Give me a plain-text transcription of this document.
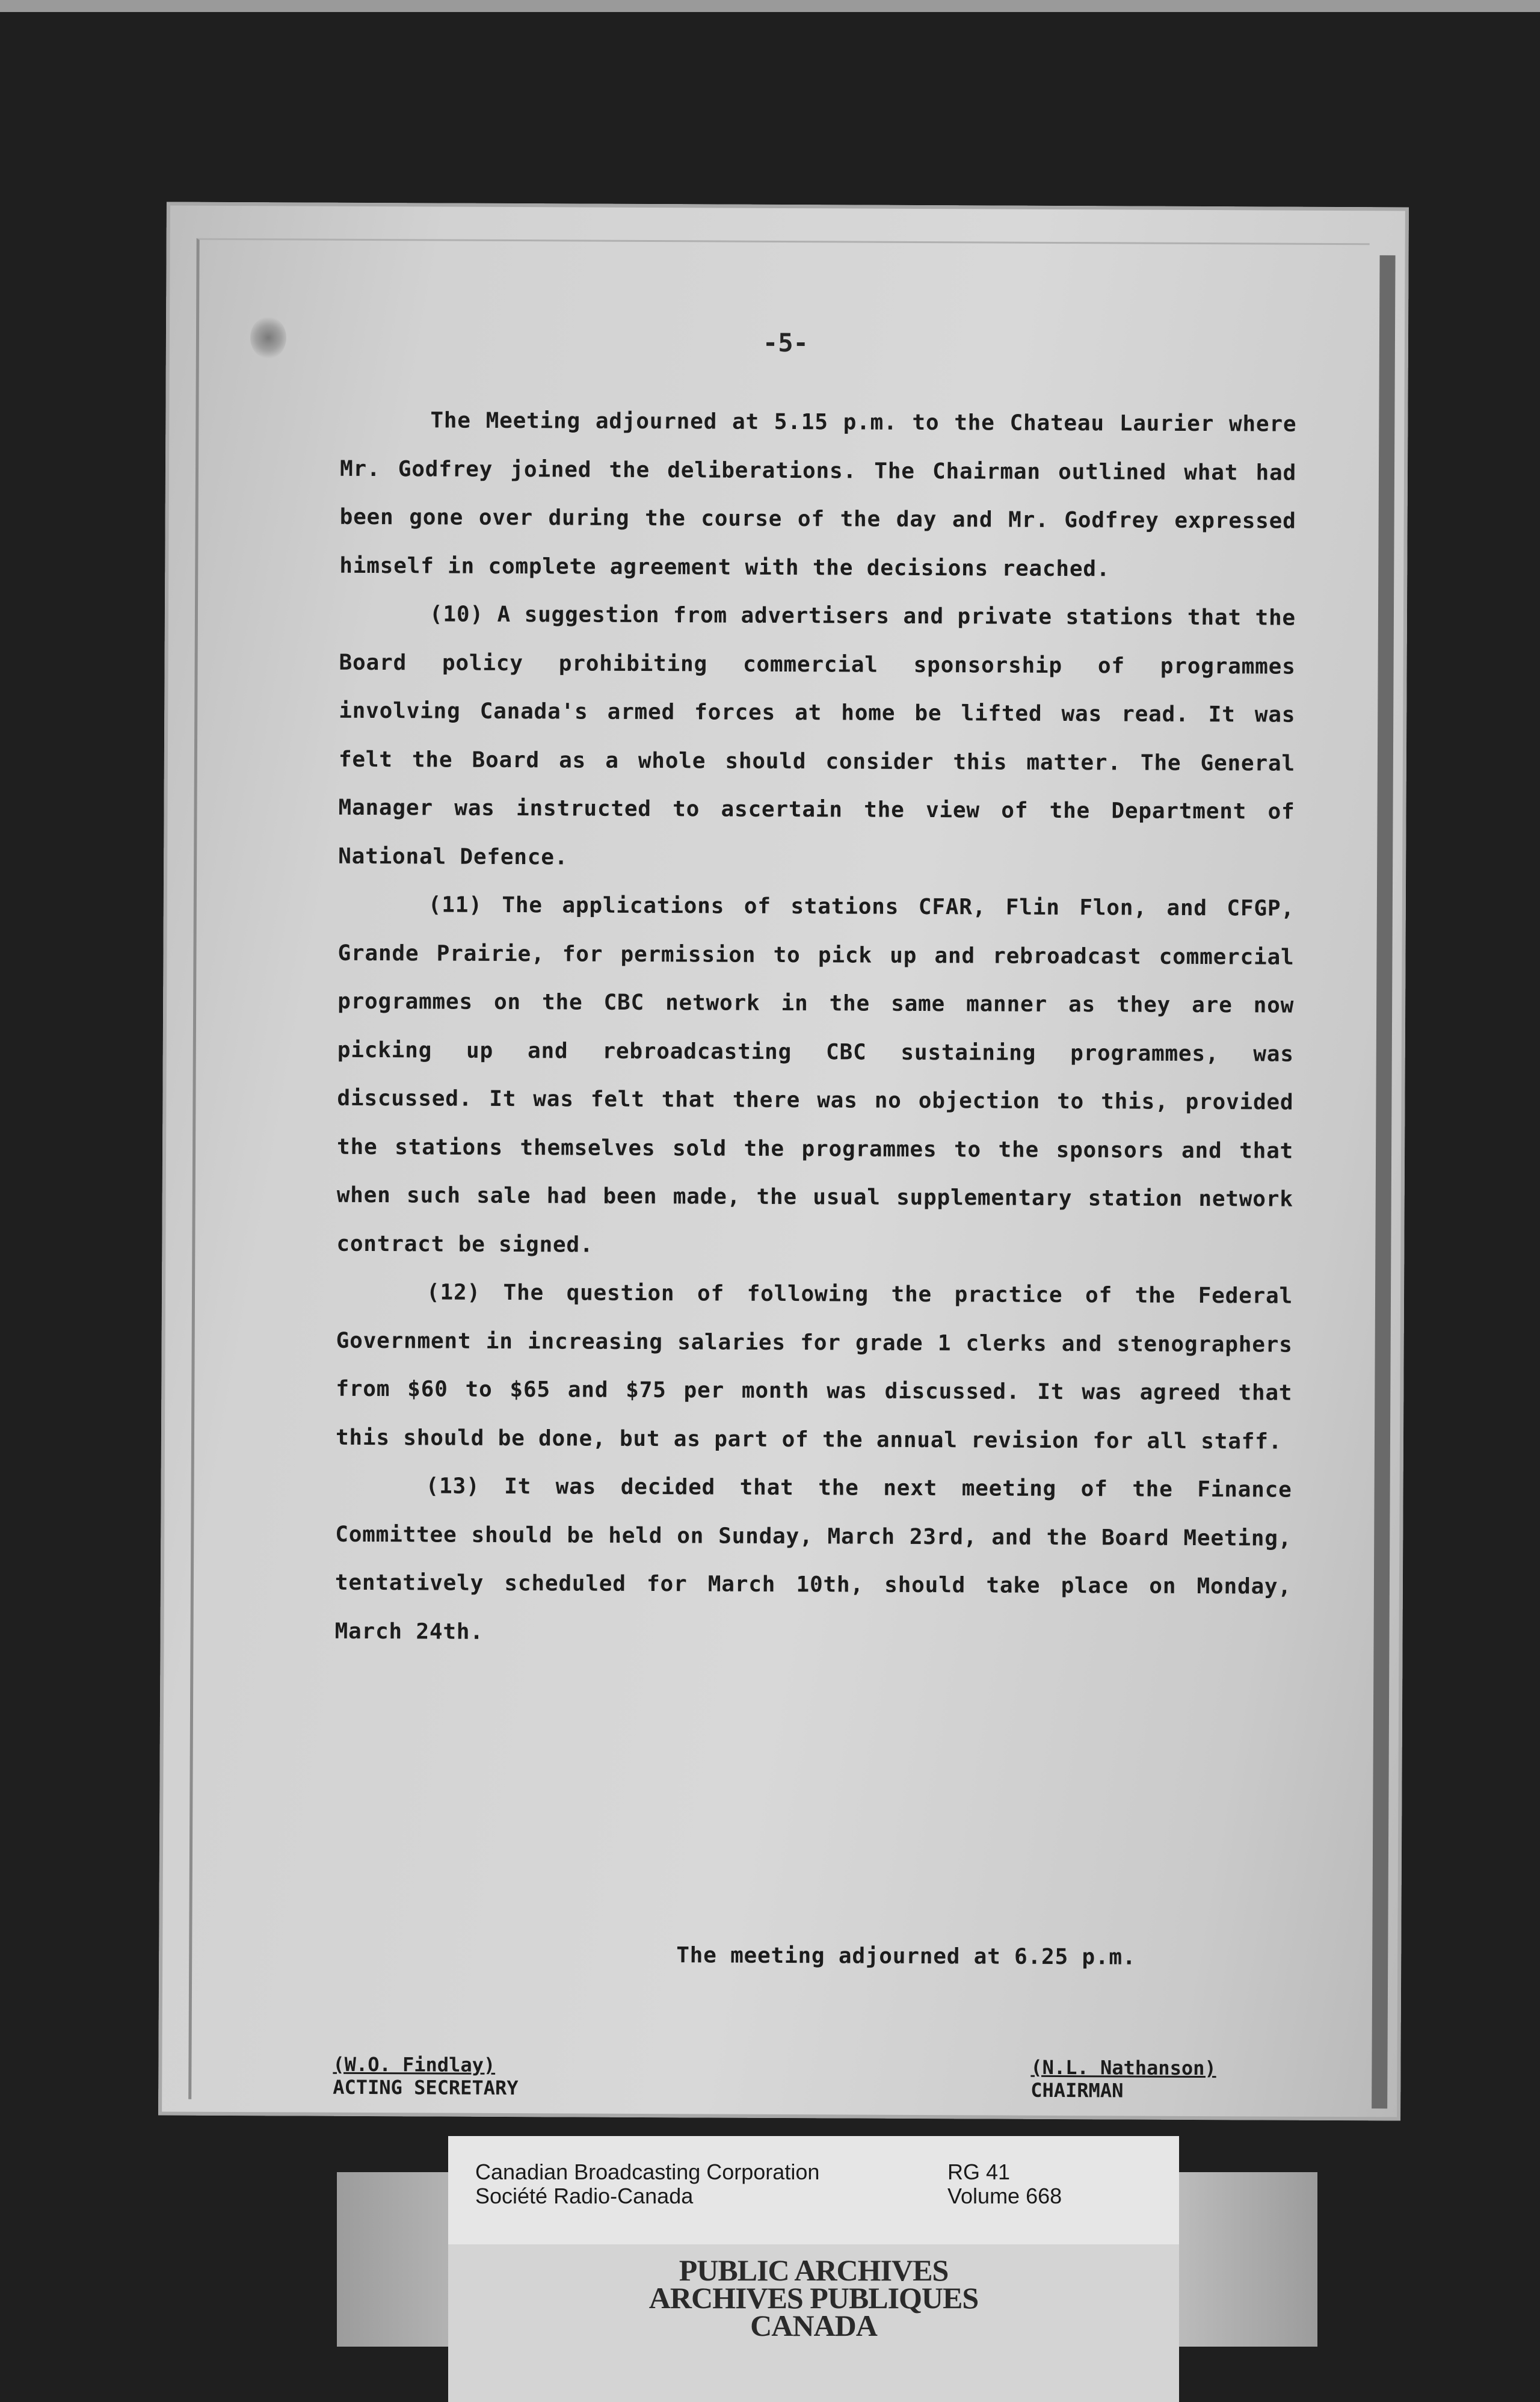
-5-

The Meeting adjourned at 5.15 p.m. to the Chateau Laurier where Mr. Godfrey joined the deliberations. The Chairman outlined what had been gone over during the course of the day and Mr. Godfrey expressed himself in complete agreement with the decisions reached.

(10) A suggestion from advertisers and private stations that the Board policy prohibiting commercial sponsorship of programmes involving Canada's armed forces at home be lifted was read. It was felt the Board as a whole should consider this matter. The General Manager was instructed to ascertain the view of the Department of National Defence.

(11) The applications of stations CFAR, Flin Flon, and CFGP, Grande Prairie, for permission to pick up and rebroadcast commercial programmes on the CBC network in the same manner as they are now picking up and rebroadcasting CBC sustaining programmes, was discussed. It was felt that there was no objection to this, provided the stations themselves sold the programmes to the sponsors and that when such sale had been made, the usual supplementary station network contract be signed.

(12) The question of following the practice of the Federal Government in increasing salaries for grade 1 clerks and stenographers from $60 to $65 and $75 per month was discussed. It was agreed that this should be done, but as part of the annual revision for all staff.

(13) It was decided that the next meeting of the Finance Committee should be held on Sunday, March 23rd, and the Board Meeting, tentatively scheduled for March 10th, should take place on Monday, March 24th.

The meeting adjourned at 6.25 p.m.
(W.O. Findlay)
ACTING SECRETARY
(N.L. Nathanson)
CHAIRMAN
Canadian Broadcasting Corporation
Société Radio-Canada
RG 41
Volume 668
PUBLIC ARCHIVES
ARCHIVES PUBLIQUES
CANADA
